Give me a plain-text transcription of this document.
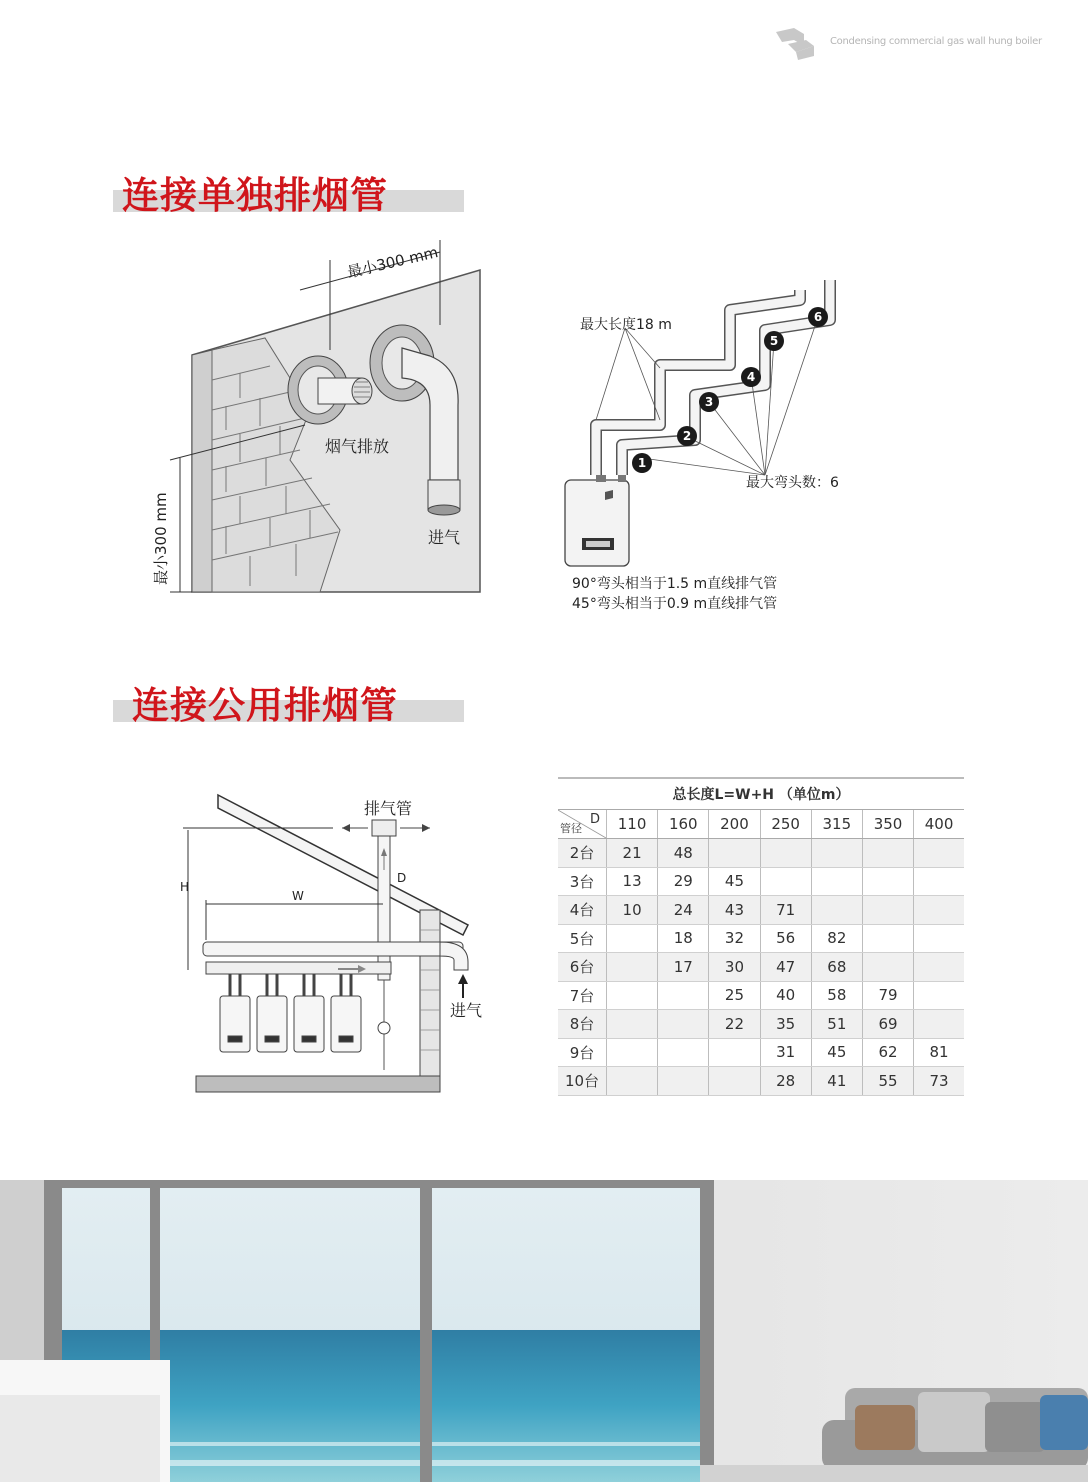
Condensing commercial gas wall hung boiler
连接单独排烟管
最小300 mm
最小300 mm
烟气排放
进气
1
2
3
4
5
6
最大长度18 m
最大弯头数：6
90°弯头相当于1.5 m直线排气管
45°弯头相当于0.9 m直线排气管
连接公用排烟管
排气管
进气
H
W
D
总长度L=W+H （单位m）							

D
管径	110	160	200	250	315	350	400
2台	21	48					
3台	13	29	45				
4台	10	24	43	71			
5台		18	32	56	82		
6台		17	30	47	68		
7台			25	40	58	79	
8台			22	35	51	69	
9台				31	45	62	81
10台				28	41	55	73
